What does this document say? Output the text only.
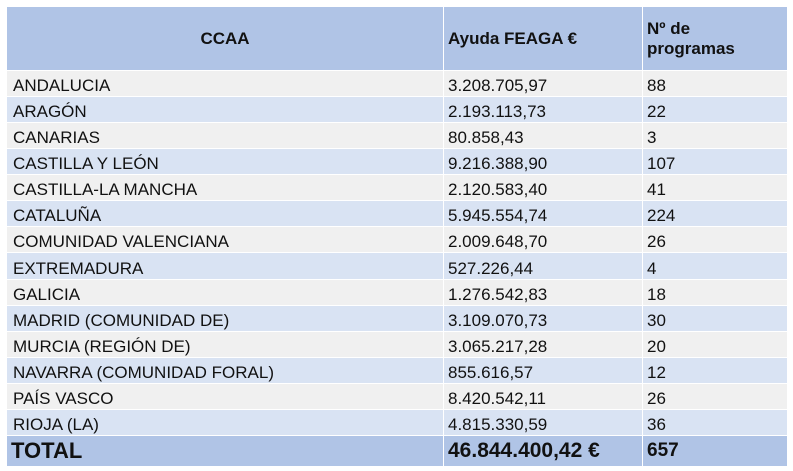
CCAA	Ayuda FEAGA €	Nº de
programas
ANDALUCIA	3.208.705,97	88
ARAGÓN	2.193.113,73	22
CANARIAS	80.858,43	3
CASTILLA Y LEÓN	9.216.388,90	107
CASTILLA-LA MANCHA	2.120.583,40	41
CATALUÑA	5.945.554,74	224
COMUNIDAD VALENCIANA	2.009.648,70	26
EXTREMADURA	527.226,44	4
GALICIA	1.276.542,83	18
MADRID (COMUNIDAD DE)	3.109.070,73	30
MURCIA (REGIÓN DE)	3.065.217,28	20
NAVARRA (COMUNIDAD FORAL)	855.616,57	12
PAÍS VASCO	8.420.542,11	26
RIOJA (LA)	4.815.330,59	36
TOTAL	46.844.400,42 €	657
